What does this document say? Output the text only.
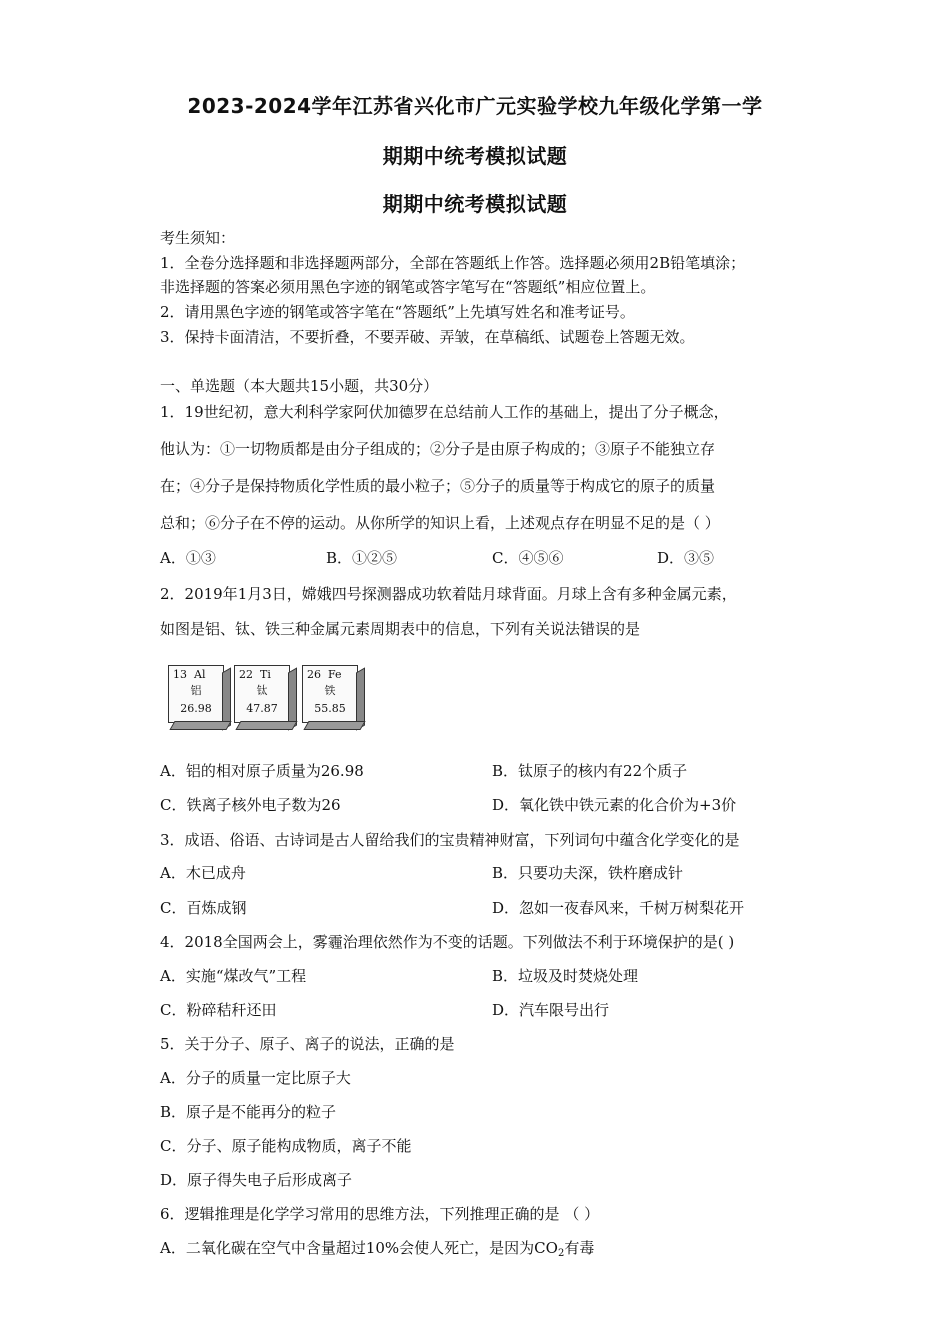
2023-2024学年江苏省兴化市广元实验学校九年级化学第一学
期期中统考模拟试题
期期中统考模拟试题
考生须知：
1．全卷分选择题和非选择题两部分，全部在答题纸上作答。选择题必须用2B铅笔填涂；
非选择题的答案必须用黑色字迹的钢笔或答字笔写在“答题纸”相应位置上。
2．请用黑色字迹的钢笔或答字笔在“答题纸”上先填写姓名和准考证号。
3．保持卡面清洁，不要折叠，不要弄破、弄皱，在草稿纸、试题卷上答题无效。
一、单选题（本大题共15小题，共30分）
1．19世纪初，意大利科学家阿伏加德罗在总结前人工作的基础上，提出了分子概念，
他认为：①一切物质都是由分子组成的；②分子是由原子构成的；③原子不能独立存
在；④分子是保持物质化学性质的最小粒子；⑤分子的质量等于构成它的原子的质量
总和；⑥分子在不停的运动。从你所学的知识上看，上述观点存在明显不足的是（ ）
A．①③	B．①②⑤	C．④⑤⑥	D．③⑤
2．2019年1月3日，嫦娥四号探测器成功软着陆月球背面。月球上含有多种金属元素，
如图是铝、钛、铁三种金属元素周期表中的信息，下列有关说法错误的是
13 Al
铝
26.98
22 Ti
钛
47.87
26 Fe
铁
55.85
A．铝的相对原子质量为26.98	B．钛原子的核内有22个质子
C．铁离子核外电子数为26	D．氧化铁中铁元素的化合价为+3价
3．成语、俗语、古诗词是古人留给我们的宝贵精神财富，下列词句中蕴含化学变化的是
A．木已成舟	B．只要功夫深，铁杵磨成针
C．百炼成钢	D．忽如一夜春风来，千树万树梨花开
4．2018全国两会上，雾霾治理依然作为不变的话题。下列做法不利于环境保护的是( )
A．实施“煤改气”工程	B．垃圾及时焚烧处理
C．粉碎秸秆还田	D．汽车限号出行
5．关于分子、原子、离子的说法，正确的是
A．分子的质量一定比原子大
B．原子是不能再分的粒子
C．分子、原子能构成物质，离子不能
D．原子得失电子后形成离子
6．逻辑推理是化学学习常用的思维方法，下列推理正确的是 （ ）
A．二氧化碳在空气中含量超过10%会使人死亡，是因为$CO_2$有毒
